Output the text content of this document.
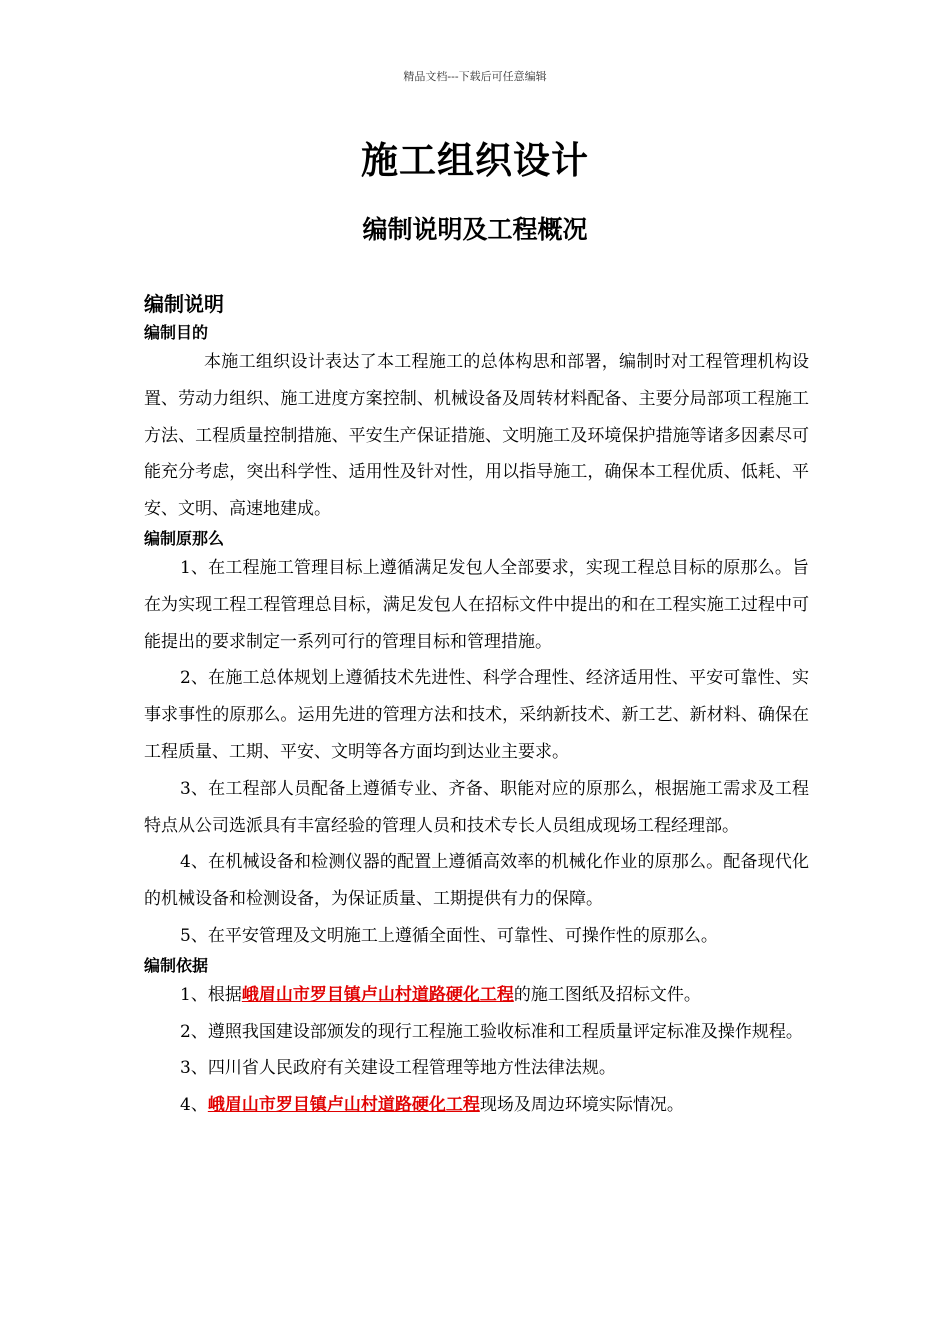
精品文档---下载后可任意编辑
施工组织设计
编制说明及工程概况
编制说明
编制目的

本施工组织设计表达了本工程施工的总体构思和部署，编制时对工程管理机构设置、劳动力组织、施工进度方案控制、机械设备及周转材料配备、主要分局部项工程施工方法、工程质量控制措施、平安生产保证措施、文明施工及环境保护措施等诸多因素尽可能充分考虑，突出科学性、适用性及针对性，用以指导施工，确保本工程优质、低耗、平安、文明、高速地建成。

编制原那么

1、在工程施工管理目标上遵循满足发包人全部要求，实现工程总目标的原那么。旨在为实现工程工程管理总目标，满足发包人在招标文件中提出的和在工程实施工过程中可能提出的要求制定一系列可行的管理目标和管理措施。

2、在施工总体规划上遵循技术先进性、科学合理性、经济适用性、平安可靠性、实事求事性的原那么。运用先进的管理方法和技术，采纳新技术、新工艺、新材料、确保在工程质量、工期、平安、文明等各方面均到达业主要求。

3、在工程部人员配备上遵循专业、齐备、职能对应的原那么，根据施工需求及工程特点从公司选派具有丰富经验的管理人员和技术专长人员组成现场工程经理部。

4、在机械设备和检测仪器的配置上遵循高效率的机械化作业的原那么。配备现代化的机械设备和检测设备，为保证质量、工期提供有力的保障。

5、在平安管理及文明施工上遵循全面性、可靠性、可操作性的原那么。

编制依据

1、根据峨眉山市罗目镇卢山村道路硬化工程的施工图纸及招标文件。

2、遵照我国建设部颁发的现行工程施工验收标准和工程质量评定标准及操作规程。

3、四川省人民政府有关建设工程管理等地方性法律法规。

4、峨眉山市罗目镇卢山村道路硬化工程现场及周边环境实际情况。
